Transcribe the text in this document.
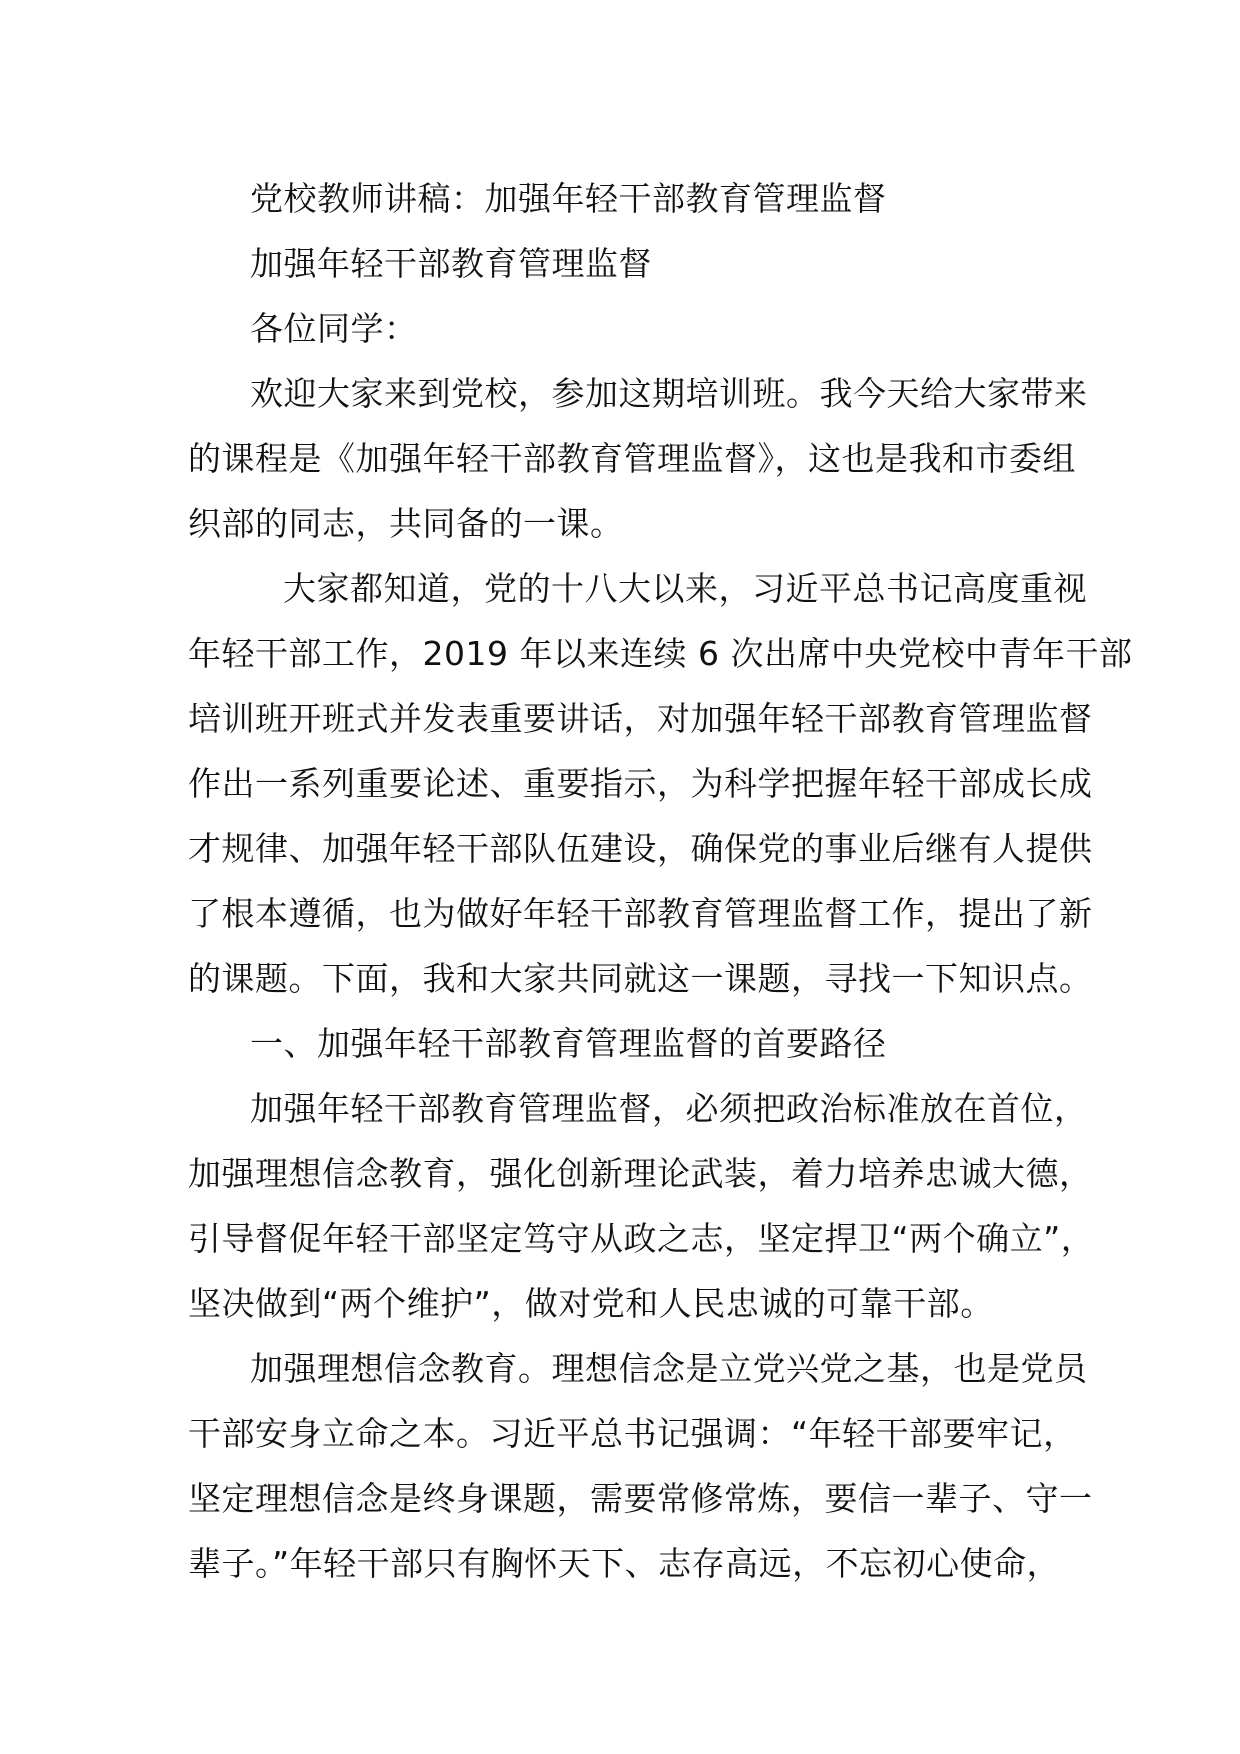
党校教师讲稿：加强年轻干部教育管理监督
加强年轻干部教育管理监督
各位同学：
欢迎大家来到党校，参加这期培训班。我今天给大家带来
的课程是《加强年轻干部教育管理监督》，这也是我和市委组
织部的同志，共同备的一课。
大家都知道，党的十八大以来，习近平总书记高度重视
年轻干部工作，2019 年以来连续 6 次出席中央党校中青年干部
培训班开班式并发表重要讲话，对加强年轻干部教育管理监督
作出一系列重要论述、重要指示，为科学把握年轻干部成长成
才规律、加强年轻干部队伍建设，确保党的事业后继有人提供
了根本遵循，也为做好年轻干部教育管理监督工作，提出了新
的课题。下面，我和大家共同就这一课题，寻找一下知识点。
一、加强年轻干部教育管理监督的首要路径
加强年轻干部教育管理监督，必须把政治标准放在首位，
加强理想信念教育，强化创新理论武装，着力培养忠诚大德，
引导督促年轻干部坚定笃守从政之志，坚定捍卫“两个确立”，
坚决做到“两个维护”，做对党和人民忠诚的可靠干部。
加强理想信念教育。理想信念是立党兴党之基，也是党员
干部安身立命之本。习近平总书记强调：“年轻干部要牢记，
坚定理想信念是终身课题，需要常修常炼，要信一辈子、守一
辈子。”年轻干部只有胸怀天下、志存高远，不忘初心使命，
